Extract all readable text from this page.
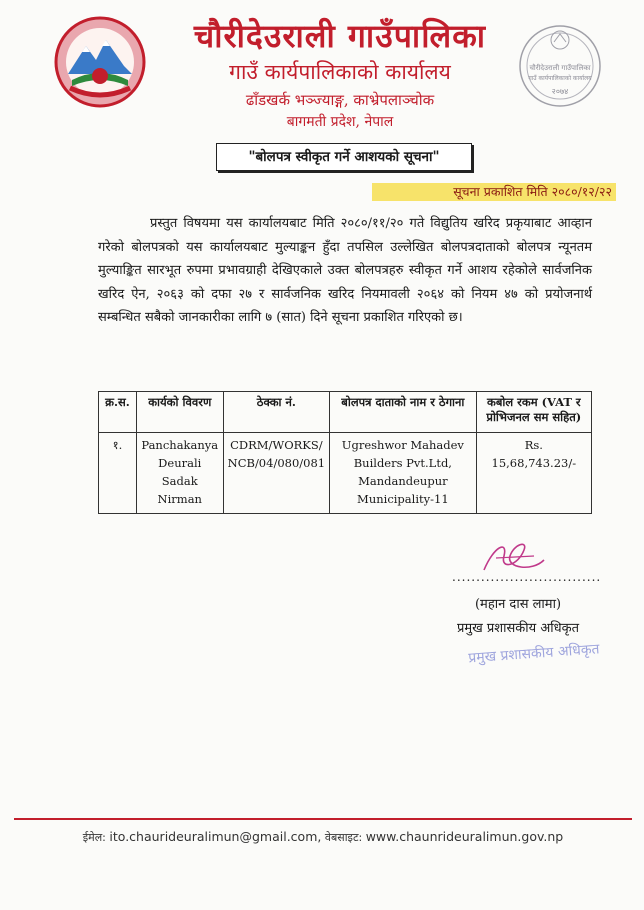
चौरीदेउराली गाउँपालिका
गाउँ कार्यपालिकाको कार्यालय
ढाँडखर्क भञ्ज्याङ्ग, काभ्रेपलाञ्चोक
बागमती प्रदेश, नेपाल
चौरीदेउराली गाउँपालिका
गाउँ कार्यपालिकाको कार्यालय
२०७४
"बोलपत्र स्वीकृत गर्ने आशयको सूचना"
सूचना प्रकाशित मिति २०८०/१२/२२
प्रस्तुत विषयमा यस कार्यालयबाट मिति २०८०/११/२० गते विद्युतिय खरिद प्रकृयाबाट आव्हान गरेको बोलपत्रको यस कार्यालयबाट मुल्याङ्कन हुँदा तपसिल उल्लेखित बोलपत्रदाताको बोलपत्र न्यूनतम मुल्याङ्कित सारभूत रुपमा प्रभावग्राही देखिएकाले उक्त बोलपत्रहरु स्वीकृत गर्ने आशय रहेकोले सार्वजनिक खरिद ऐन, २०६३ को दफा २७ र सार्वजनिक खरिद नियमावली २०६४ को नियम ४७ को प्रयोजनार्थ सम्बन्धित सबैको जानकारीका लागि ७ (सात) दिने सूचना प्रकाशित गरिएको छ।
क्र.स.	कार्यको विवरण	ठेक्का नं.	बोलपत्र दाताको नाम र ठेगाना	कबोल रकम (VAT र प्रोभिजनल सम सहित)
१.	Panchakanya Deurali Sadak Nirman	CDRM/WORKS/ NCB/04/080/081	Ugreshwor Mahadev Builders Pvt.Ltd, Mandandeupur Municipality-11	Rs. 15,68,743.23/-
...............................
(महान दास लामा)
प्रमुख प्रशासकीय अधिकृत
प्रमुख प्रशासकीय अधिकृत
ईमेल: ito.chaurideuralimun@gmail.com, वेबसाइट: www.chaunrideuralimun.gov.np
